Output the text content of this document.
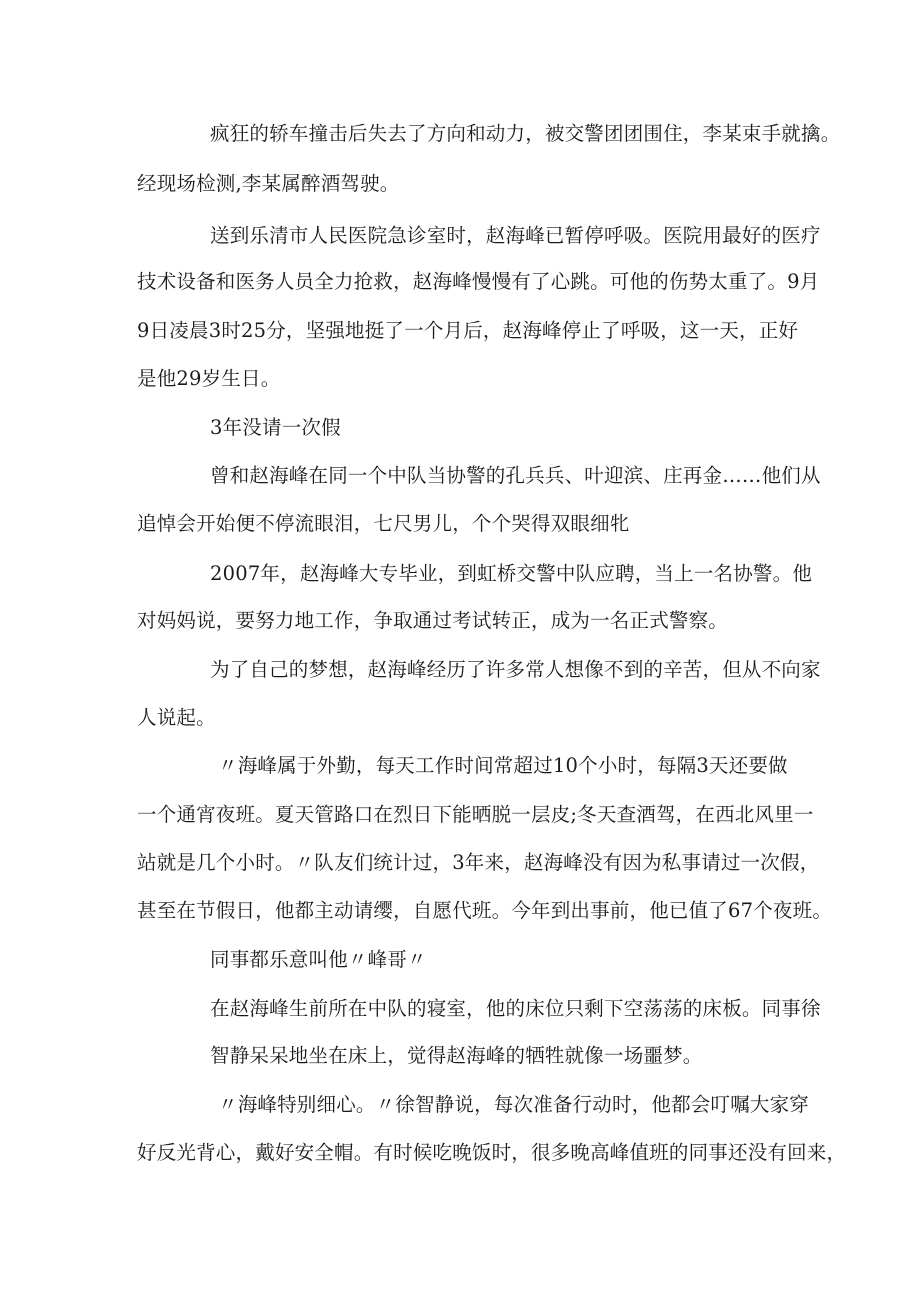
疯狂的轿车撞击后失去了方向和动力，被交警团团围住，李某束手就擒。
经现场检测,李某属醉酒驾驶。
送到乐清市人民医院急诊室时，赵海峰已暂停呼吸。医院用最好的医疗
技术设备和医务人员全力抢救，赵海峰慢慢有了心跳。可他的伤势太重了。9月
9日凌晨3时25分，坚强地挺了一个月后，赵海峰停止了呼吸，这一天，正好
是他29岁生日。
3年没请一次假
曾和赵海峰在同一个中队当协警的孔兵兵、叶迎滨、庄再金……他们从
追悼会开始便不停流眼泪，七尺男儿，个个哭得双眼细牝
2007年，赵海峰大专毕业，到虹桥交警中队应聘，当上一名协警。他
对妈妈说，要努力地工作，争取通过考试转正，成为一名正式警察。
为了自己的梦想，赵海峰经历了许多常人想像不到的辛苦，但从不向家
人说起。
〃海峰属于外勤，每天工作时间常超过10个小时，每隔3天还要做
一个通宵夜班。夏天管路口在烈日下能晒脱一层皮;冬天查酒驾，在西北风里一
站就是几个小时。〃队友们统计过，3年来，赵海峰没有因为私事请过一次假，
甚至在节假日，他都主动请缨，自愿代班。今年到出事前，他已值了67个夜班。
同事都乐意叫他〃峰哥〃
在赵海峰生前所在中队的寝室，他的床位只剩下空荡荡的床板。同事徐
智静呆呆地坐在床上，觉得赵海峰的牺牲就像一场噩梦。
〃海峰特别细心。〃徐智静说，每次准备行动时，他都会叮嘱大家穿
好反光背心，戴好安全帽。有时候吃晚饭时，很多晚高峰值班的同事还没有回来，
